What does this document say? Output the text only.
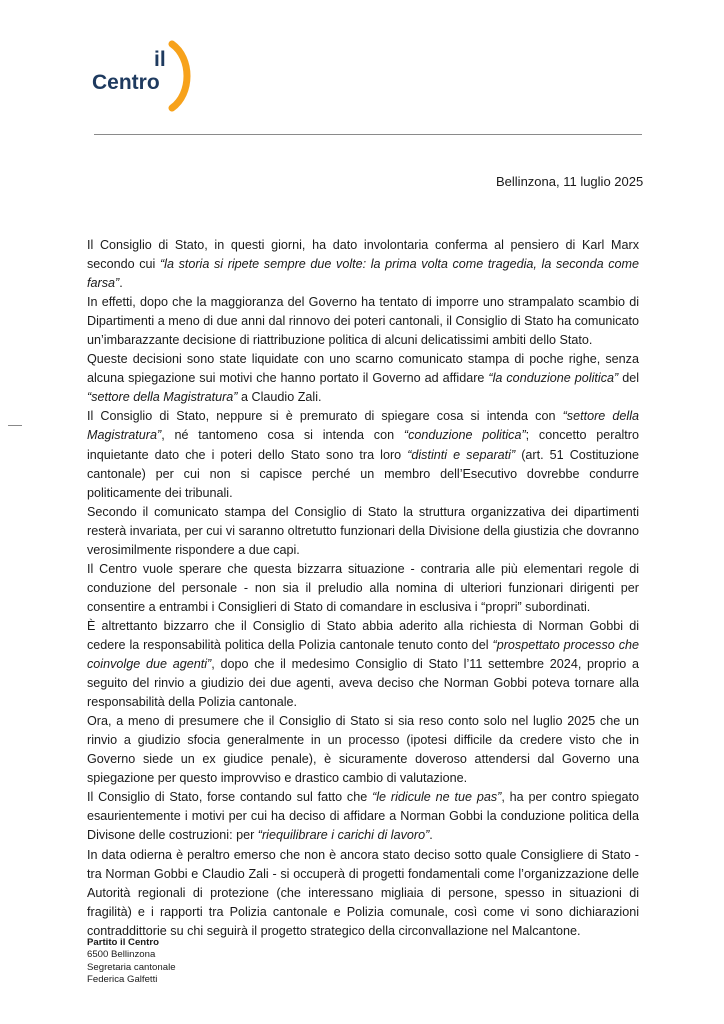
il
Centro
Bellinzona, 11 luglio 2025

Il Consiglio di Stato, in questi giorni, ha dato involontaria conferma al pensiero di Karl Marx secondo cui “la storia si ripete sempre due volte: la prima volta come tragedia, la seconda come farsa”.

In effetti, dopo che la maggioranza del Governo ha tentato di imporre uno strampalato scambio di Dipartimenti a meno di due anni dal rinnovo dei poteri cantonali, il Consiglio di Stato ha comunicato un’imbarazzante decisione di riattribuzione politica di alcuni delicatissimi ambiti dello Stato.

Queste decisioni sono state liquidate con uno scarno comunicato stampa di poche righe, senza alcuna spiegazione sui motivi che hanno portato il Governo ad affidare “la conduzione politica” del “settore della Magistratura” a Claudio Zali.

Il Consiglio di Stato, neppure si è premurato di spiegare cosa si intenda con “settore della Magistratura”, né tantomeno cosa si intenda con “conduzione politica”; concetto peraltro inquietante dato che i poteri dello Stato sono tra loro “distinti e separati” (art. 51 Costituzione cantonale) per cui non si capisce perché un membro dell’Esecutivo dovrebbe condurre politicamente dei tribunali.

Secondo il comunicato stampa del Consiglio di Stato la struttura organizzativa dei dipartimenti resterà invariata, per cui vi saranno oltretutto funzionari della Divisione della giustizia che dovranno verosimilmente rispondere a due capi.

Il Centro vuole sperare che questa bizzarra situazione - contraria alle più elementari regole di conduzione del personale - non sia il preludio alla nomina di ulteriori funzionari dirigenti per consentire a entrambi i Consiglieri di Stato di comandare in esclusiva i “propri” subordinati.

È altrettanto bizzarro che il Consiglio di Stato abbia aderito alla richiesta di Norman Gobbi di cedere la responsabilità politica della Polizia cantonale tenuto conto del “prospettato processo che coinvolge due agenti”, dopo che il medesimo Consiglio di Stato l’11 settembre 2024, proprio a seguito del rinvio a giudizio dei due agenti, aveva deciso che Norman Gobbi poteva tornare alla responsabilità della Polizia cantonale.

Ora, a meno di presumere che il Consiglio di Stato si sia reso conto solo nel luglio 2025 che un rinvio a giudizio sfocia generalmente in un processo (ipotesi difficile da credere visto che in Governo siede un ex giudice penale), è sicuramente doveroso attendersi dal Governo una spiegazione per questo improvviso e drastico cambio di valutazione.

Il Consiglio di Stato, forse contando sul fatto che “le ridicule ne tue pas”, ha per contro spiegato esaurientemente i motivi per cui ha deciso di affidare a Norman Gobbi la conduzione politica della Divisone delle costruzioni: per “riequilibrare i carichi di lavoro”.

In data odierna è peraltro emerso che non è ancora stato deciso sotto quale Consigliere di Stato - tra Norman Gobbi e Claudio Zali - si occuperà di progetti fondamentali come l’organizzazione delle Autorità regionali di protezione (che interessano migliaia di persone, spesso in situazioni di fragilità) e i rapporti tra Polizia cantonale e Polizia comunale, così come vi sono dichiarazioni contraddittorie su chi seguirà il progetto strategico della circonvallazione nel Malcantone.

Partito il Centro
6500 Bellinzona
Segretaria cantonale
Federica Galfetti
